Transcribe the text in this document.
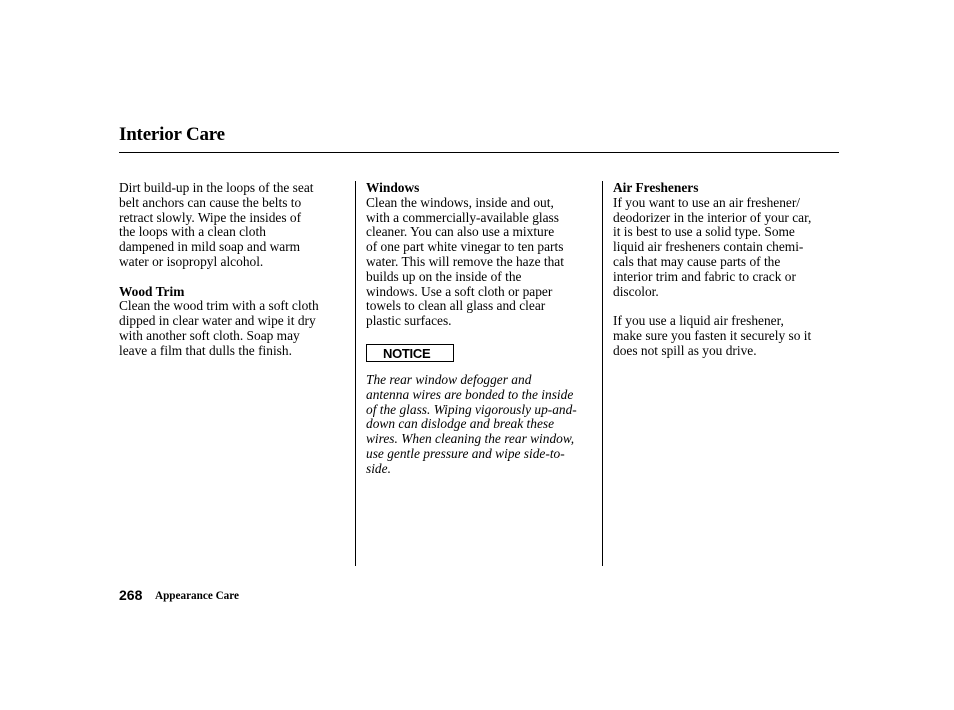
Interior Care

Dirt build-up in the loops of the seat
belt anchors can cause the belts to
retract slowly. Wipe the insides of
the loops with a clean cloth
dampened in mild soap and warm
water or isopropyl alcohol.

Wood Trim

Clean the wood trim with a soft cloth
dipped in clear water and wipe it dry
with another soft cloth. Soap may
leave a film that dulls the finish.

Windows

Clean the windows, inside and out,
with a commercially-available glass
cleaner. You can also use a mixture
of one part white vinegar to ten parts
water. This will remove the haze that
builds up on the inside of the
windows. Use a soft cloth or paper
towels to clean all glass and clear
plastic surfaces.

NOTICE

The rear window defogger and
antenna wires are bonded to the inside
of the glass. Wiping vigorously up-and-
down can dislodge and break these
wires. When cleaning the rear window,
use gentle pressure and wipe side-to-
side.

Air Fresheners

If you want to use an air freshener/
deodorizer in the interior of your car,
it is best to use a solid type. Some
liquid air fresheners contain chemi-
cals that may cause parts of the
interior trim and fabric to crack or
discolor.

If you use a liquid air freshener,
make sure you fasten it securely so it
does not spill as you drive.

268 Appearance Care
